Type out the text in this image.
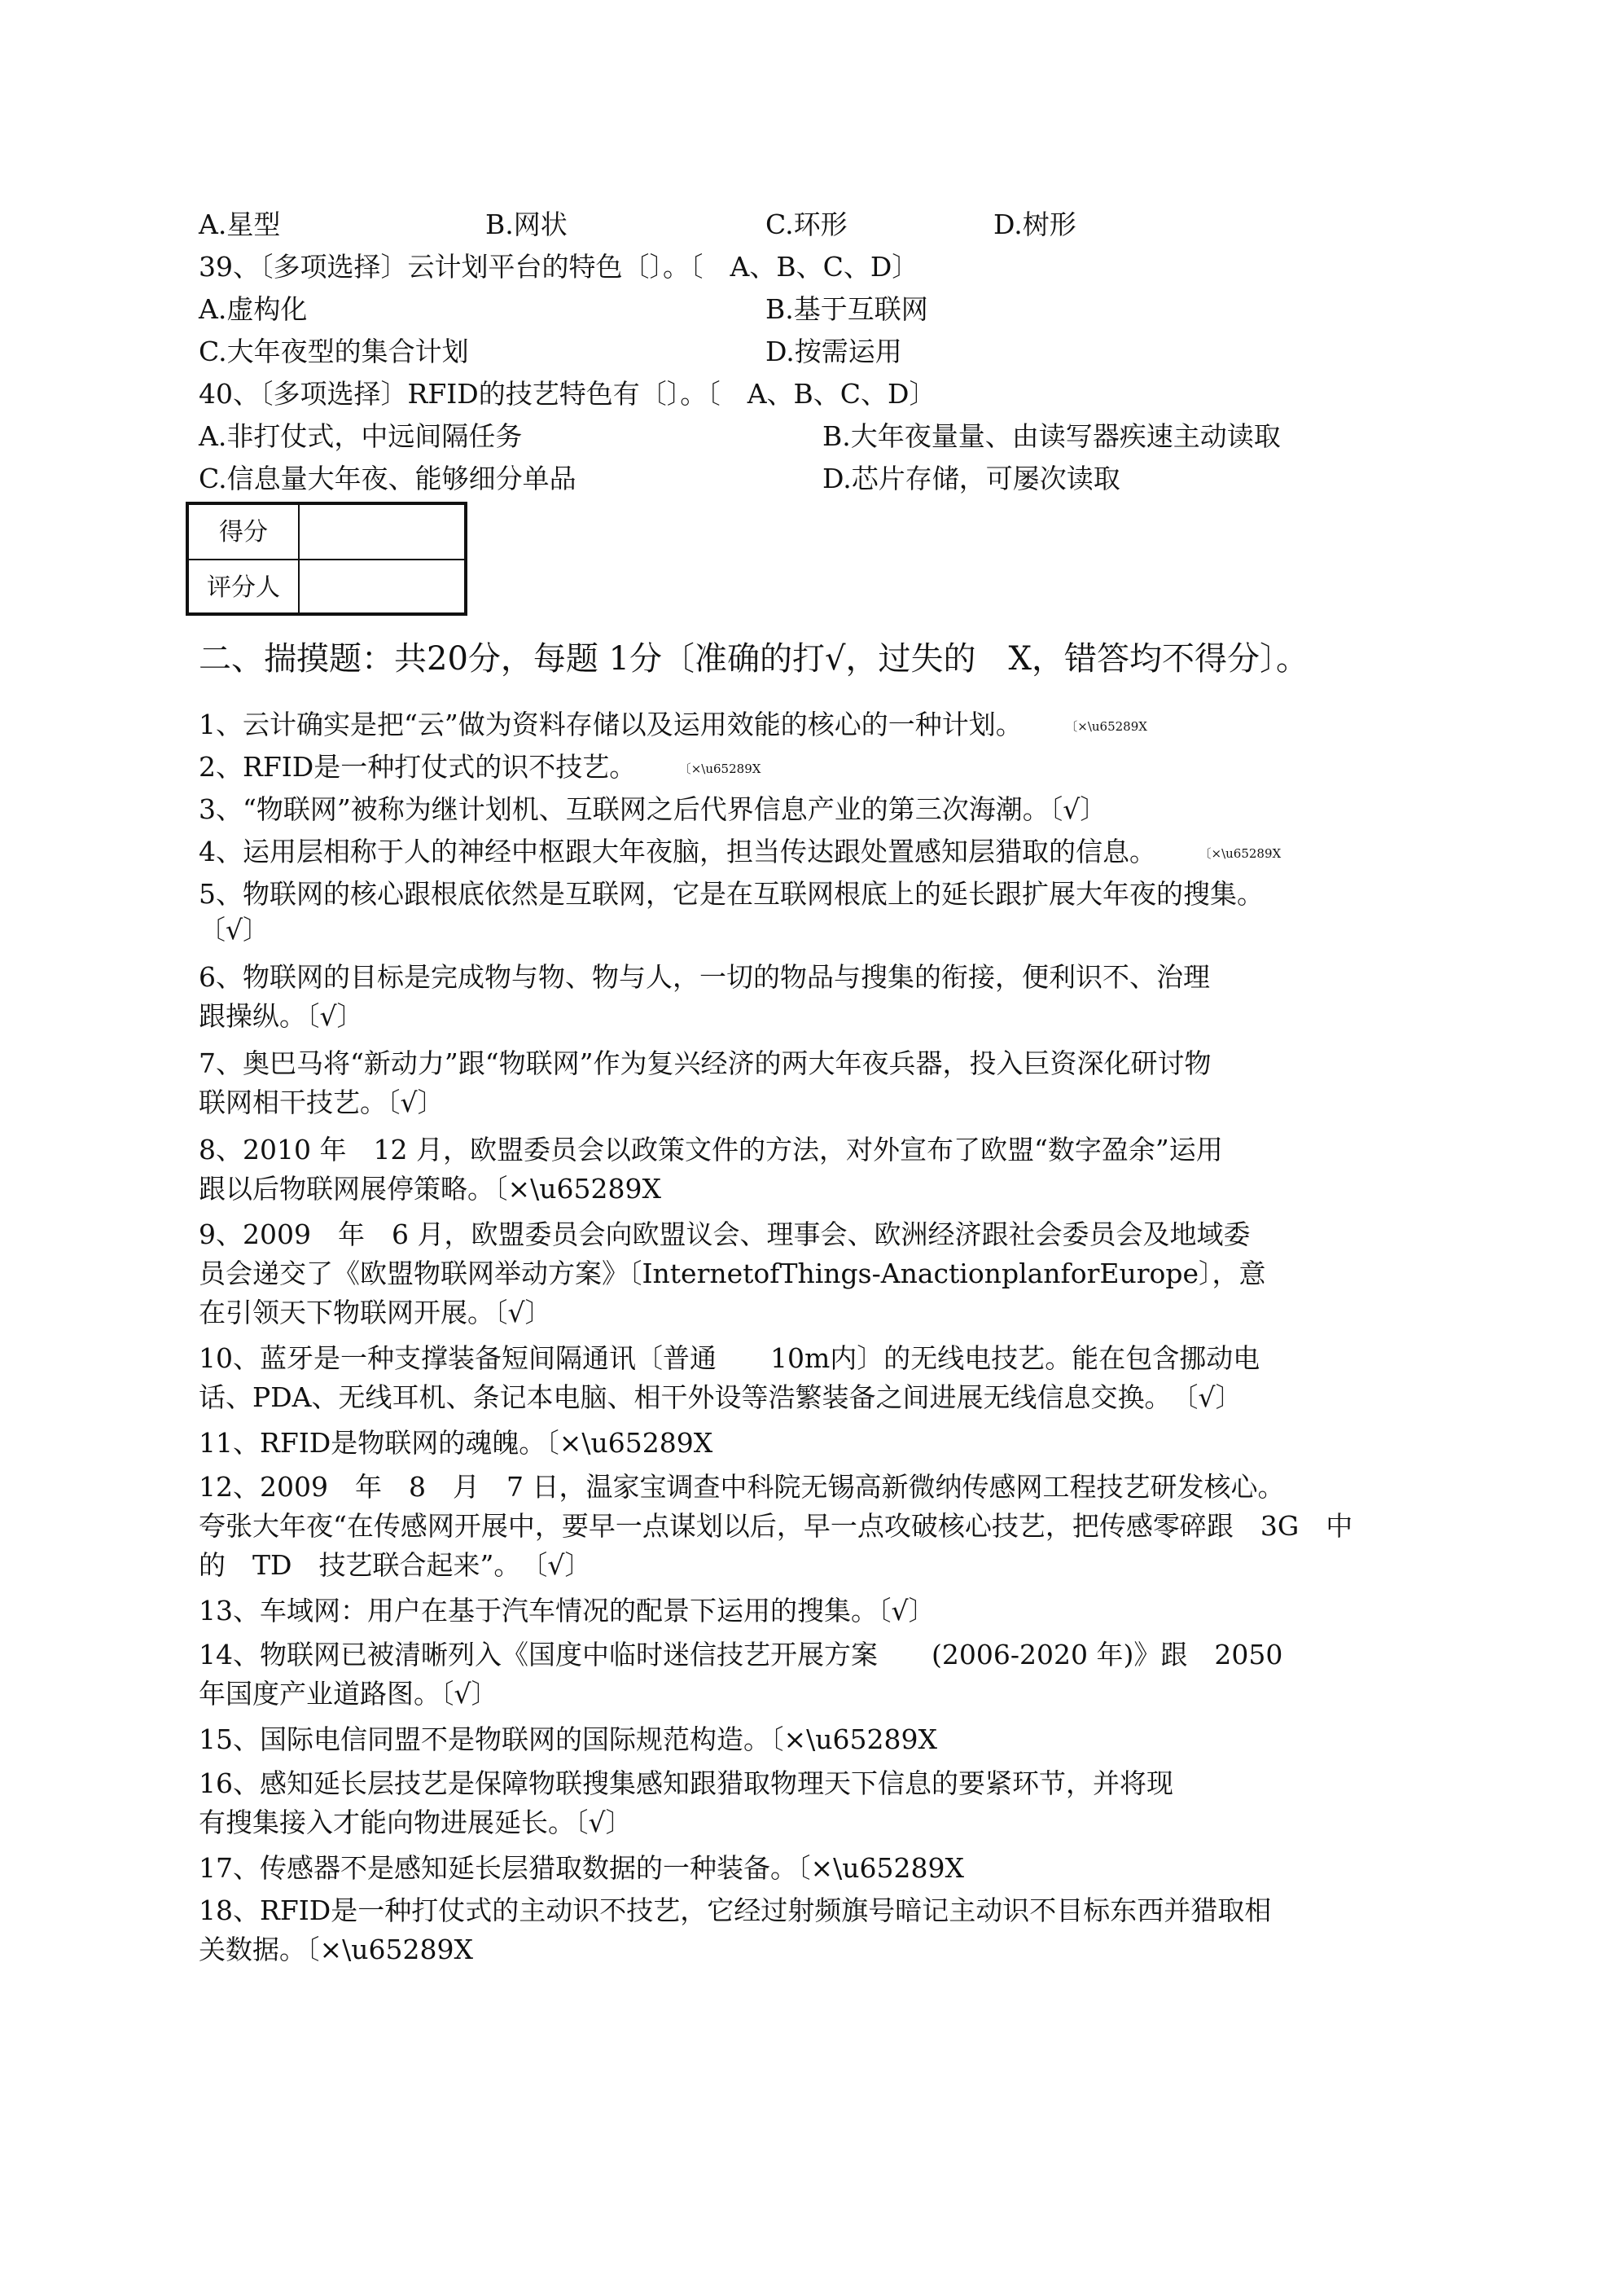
A.星型	B.网状	C.环形	D.树形
39、〔多项选择〕云计划平台的特色〔〕。〔　A、B、C、D〕
A.虚构化	B.基于互联网
C.大年夜型的集合计划	D.按需运用
40、〔多项选择〕RFID的技艺特色有〔〕。〔　A、B、C、D〕
A.非打仗式，中远间隔任务	B.大年夜量量、由读写器疾速主动读取
C.信息量大年夜、能够细分单品	D.芯片存储，可屡次读取
得分
评分人
二、揣摸题：共20分，每题 1分〔准确的打√，过失的　X，错答均不得分〕。
1、云计确实是把“云”做为资料存储以及运用效能的核心的一种计划。	〔×\u65289X
2、RFID是一种打仗式的识不技艺。	〔×\u65289X
3、“物联网”被称为继计划机、互联网之后代界信息产业的第三次海潮。〔√〕
4、运用层相称于人的神经中枢跟大年夜脑，担当传达跟处置感知层猎取的信息。	〔×\u65289X
5、物联网的核心跟根底依然是互联网，它是在互联网根底上的延长跟扩展大年夜的搜集。
〔√〕
6、物联网的目标是完成物与物、物与人，一切的物品与搜集的衔接，便利识不、治理
跟操纵。〔√〕
7、奥巴马将“新动力”跟“物联网”作为复兴经济的两大年夜兵器，投入巨资深化研讨物
联网相干技艺。〔√〕
8、2010 年　12 月，欧盟委员会以政策文件的方法，对外宣布了欧盟“数字盈余”运用
跟以后物联网展停策略。〔×\u65289X
9、2009　年　6 月，欧盟委员会向欧盟议会、理事会、欧洲经济跟社会委员会及地域委
员会递交了《欧盟物联网举动方案》〔InternetofThings-AnactionplanforEurope〕，意
在引领天下物联网开展。〔√〕
10、蓝牙是一种支撑装备短间隔通讯〔普通　　10m内〕的无线电技艺。能在包含挪动电
话、PDA、无线耳机、条记本电脑、相干外设等浩繁装备之间进展无线信息交换。　〔√〕
11、RFID是物联网的魂魄。〔×\u65289X
12、2009　年　8　月　7 日，温家宝调查中科院无锡高新微纳传感网工程技艺研发核心。
夸张大年夜“在传感网开展中，要早一点谋划以后，早一点攻破核心技艺，把传感零碎跟　3G　中
的　TD　技艺联合起来”。　〔√〕
13、车域网：用户在基于汽车情况的配景下运用的搜集。〔√〕
14、物联网已被清晰列入《国度中临时迷信技艺开展方案　　(2006-2020 年)》跟　2050
年国度产业道路图。〔√〕
15、国际电信同盟不是物联网的国际规范构造。〔×\u65289X
16、感知延长层技艺是保障物联搜集感知跟猎取物理天下信息的要紧环节，并将现
有搜集接入才能向物进展延长。〔√〕
17、传感器不是感知延长层猎取数据的一种装备。〔×\u65289X
18、RFID是一种打仗式的主动识不技艺，它经过射频旗号暗记主动识不目标东西并猎取相
关数据。〔×\u65289X
